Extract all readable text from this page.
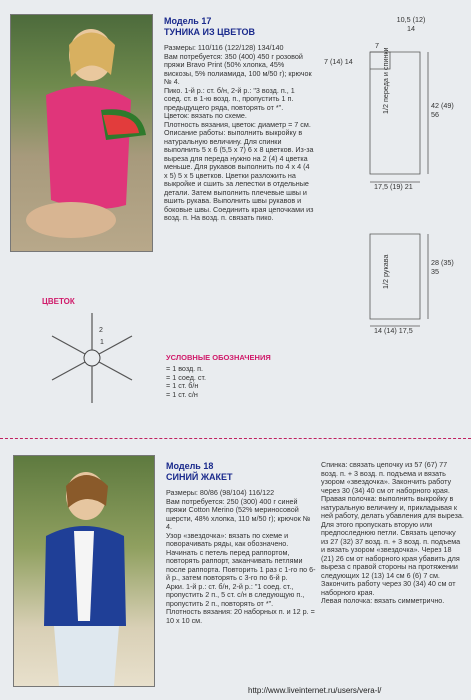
Модель 17
ТУНИКА ИЗ ЦВЕТОВ
Размеры: 110/116 (122/128) 134/140
Вам потребуется: 350 (400) 450 г розовой пряжи Bravo Print (50% хлопка, 45% вискозы, 5% полиамида, 100 м/50 г); крючок № 4.
Пико. 1-й р.: ст. б/н, 2-й р.: "3 возд. п., 1 соед. ст. в 1-ю возд. п., пропустить 1 п. предыдущего ряда, повторять от *".
Цветок: вязать по схеме.
Плотность вязания, цветок: диаметр = 7 см.
Описание работы: выполнить выкройку в натуральную величину. Для спинки выполнить 5 х 6 (5,5 х 7) 6 х 8 цветков. Из-за выреза для переда нужно на 2 (4) 4 цветка меньше. Для рукавов выполнить по 4 х 4 (4 х 5) 5 х 5 цветков. Цветки разложить на выкройке и сшить за лепестки в отдельные детали. Затем выполнить плечевые швы и вшить рукава. Выполнить швы рукавов и боковые швы. Соединить края цепочками из возд. п. На возд. п. связать пико.
10,5 (12) 14
7
7 (14) 14
42 (49) 56
17,5 (19) 21
28 (35) 35
14 (14) 17,5
1/2 переда и спинки
1/2 рукава
ЦВЕТОК
2
1
УСЛОВНЫЕ ОБОЗНАЧЕНИЯ
= 1 возд. п.
= 1 соед. ст.
= 1 ст. б/н
= 1 ст. с/н
Модель 18
СИНИЙ ЖАКЕТ
Размеры: 80/86 (98/104) 116/122
Вам потребуется: 250 (300) 400 г синей пряжи Cotton Merino (52% мериносовой шерсти, 48% хлопка, 110 м/50 г); крючок № 4.
Узор «звездочка»: вязать по схеме и поворачивать ряды, как обозначено. Начинать с петель перед раппортом, повторять раппорт, заканчивать петлями после раппорта. Повторить 1 раз с 1-го по 6-й р., затем повторять с 3-го по 6-й р.
Арки. 1-й р.: ст. б/н, 2-й р.: "1 соед. ст., пропустить 2 п., 5 ст. с/н в следующую п., пропустить 2 п., повторять от *".
Плотность вязания: 20 наборных п. и 12 р. = 10 х 10 см.
Спинка: связать цепочку из 57 (67) 77 возд. п. + 3 возд. п. подъема и вязать узором «звездочка». Закончить работу через 30 (34) 40 см от наборного края.
Правая полочка: выполнить выкройку в натуральную величину и, прикладывая к ней работу, делать убавления для выреза. Для этого пропускать вторую или предпоследнюю петли. Связать цепочку из 27 (32) 37 возд. п. + 3 возд. п. подъема и вязать узором «звездочка». Через 18 (21) 26 см от наборного края убавить для выреза с правой стороны на протяжении следующих 12 (13) 14 см 6 (6) 7 см. Закончить работу через 30 (34) 40 см от наборного края.
Левая полочка: вязать симметрично.
http://www.liveinternet.ru/users/vera-l/
